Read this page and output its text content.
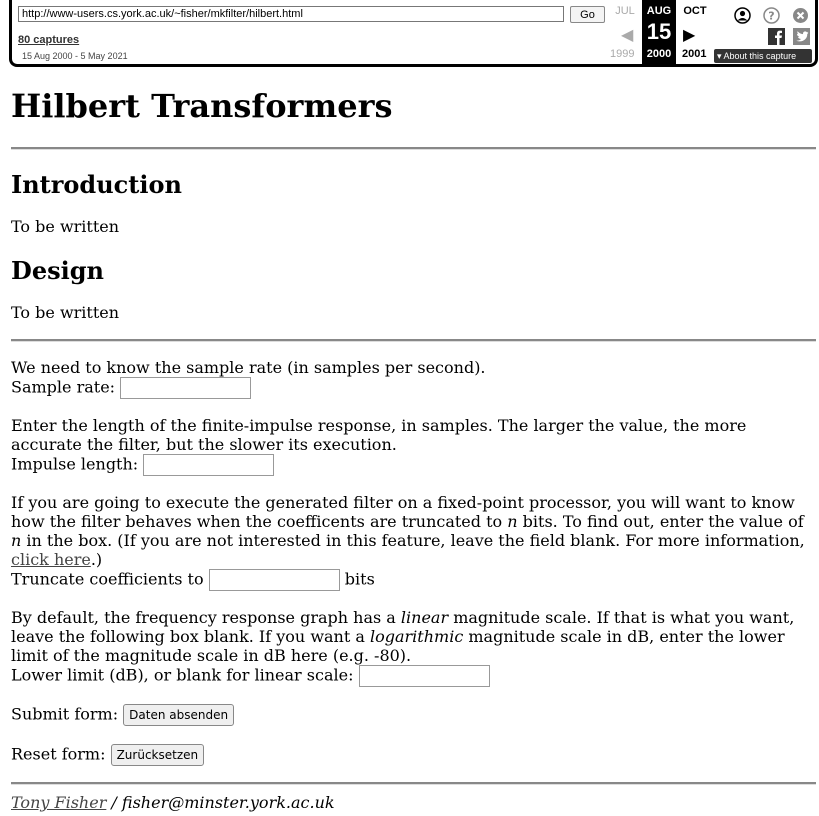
http://www-users.cs.york.ac.uk/~fisher/mkfilter/hilbert.html	Go
80 captures
15 Aug 2000 - 5 May 2021
JUL	OCT
AUG
15
2000
◀	▶
1999	2001	▾ About this capture
?
Hilbert Transformers
Introduction

To be written

Design

To be written

We need to know the sample rate (in samples per second).

Sample rate:

Enter the length of the finite-impulse response, in samples. The larger the value, the more accurate the filter, but the slower its execution.

Impulse length:

If you are going to execute the generated filter on a fixed-point processor, you will want to know how the filter behaves when the coefficents are truncated to n bits. To find out, enter the value of n in the box. (If you are not interested in this feature, leave the field blank. For more information, click here.)

Truncate coefficients to	bits

By default, the frequency response graph has a linear magnitude scale. If that is what you want, leave the following box blank. If you want a logarithmic magnitude scale in dB, enter the lower limit of the magnitude scale in dB here (e.g. -80).

Lower limit (dB), or blank for linear scale:

Submit form: Daten absenden

Reset form: Zurücksetzen

Tony Fisher / fisher@minster.york.ac.uk
